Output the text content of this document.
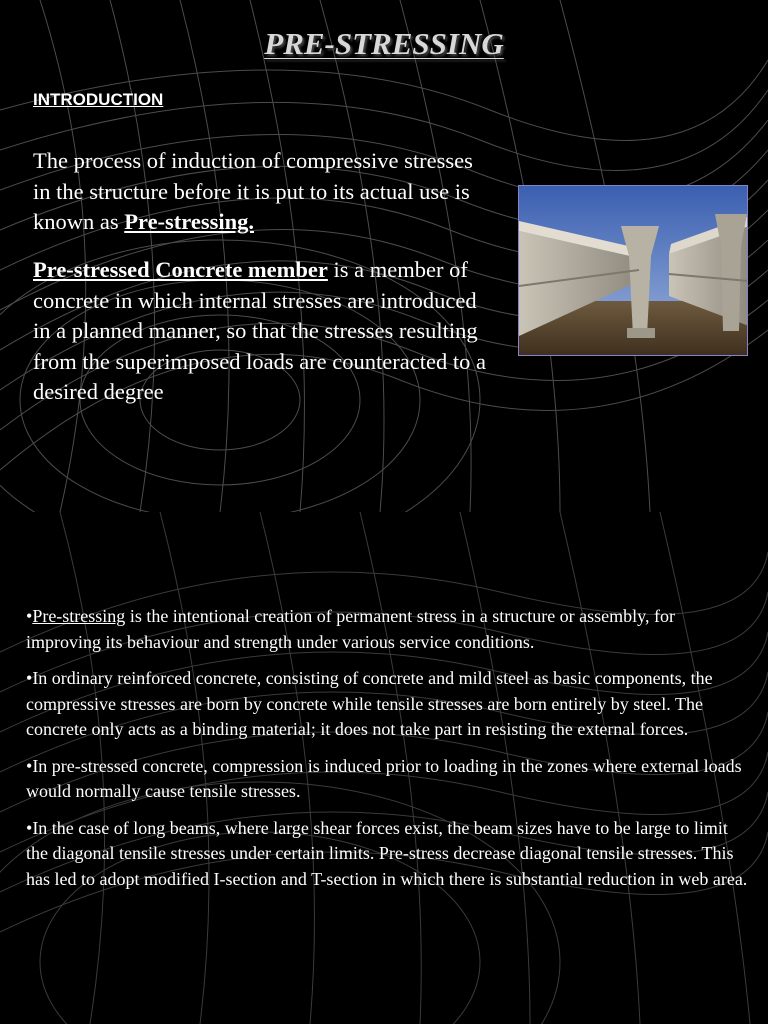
PRE-STRESSING
INTRODUCTION

The process of induction of compressive stresses in the structure before it is put to its actual use is known as Pre-stressing.

Pre-stressed Concrete member is a member of concrete in which internal stresses are introduced in a planned manner, so that the stresses resulting from the superimposed loads are counteracted to a desired degree

•Pre-stressing is the intentional creation of permanent stress in a structure or assembly, for improving its behaviour and strength under various service conditions.

•In ordinary reinforced concrete, consisting of concrete and mild steel as basic components, the compressive stresses are born by concrete while tensile stresses are born entirely by steel. The concrete only acts as a binding material; it does not take part in resisting the external forces.

•In pre-stressed concrete, compression is induced prior to loading in the zones where external loads would normally cause tensile stresses.

•In the case of long beams, where large shear forces exist, the beam sizes have to be large to limit the diagonal tensile stresses under certain limits. Pre-stress decrease diagonal tensile stresses. This has led to adopt modified I-section and T-section in which there is substantial reduction in web area.
